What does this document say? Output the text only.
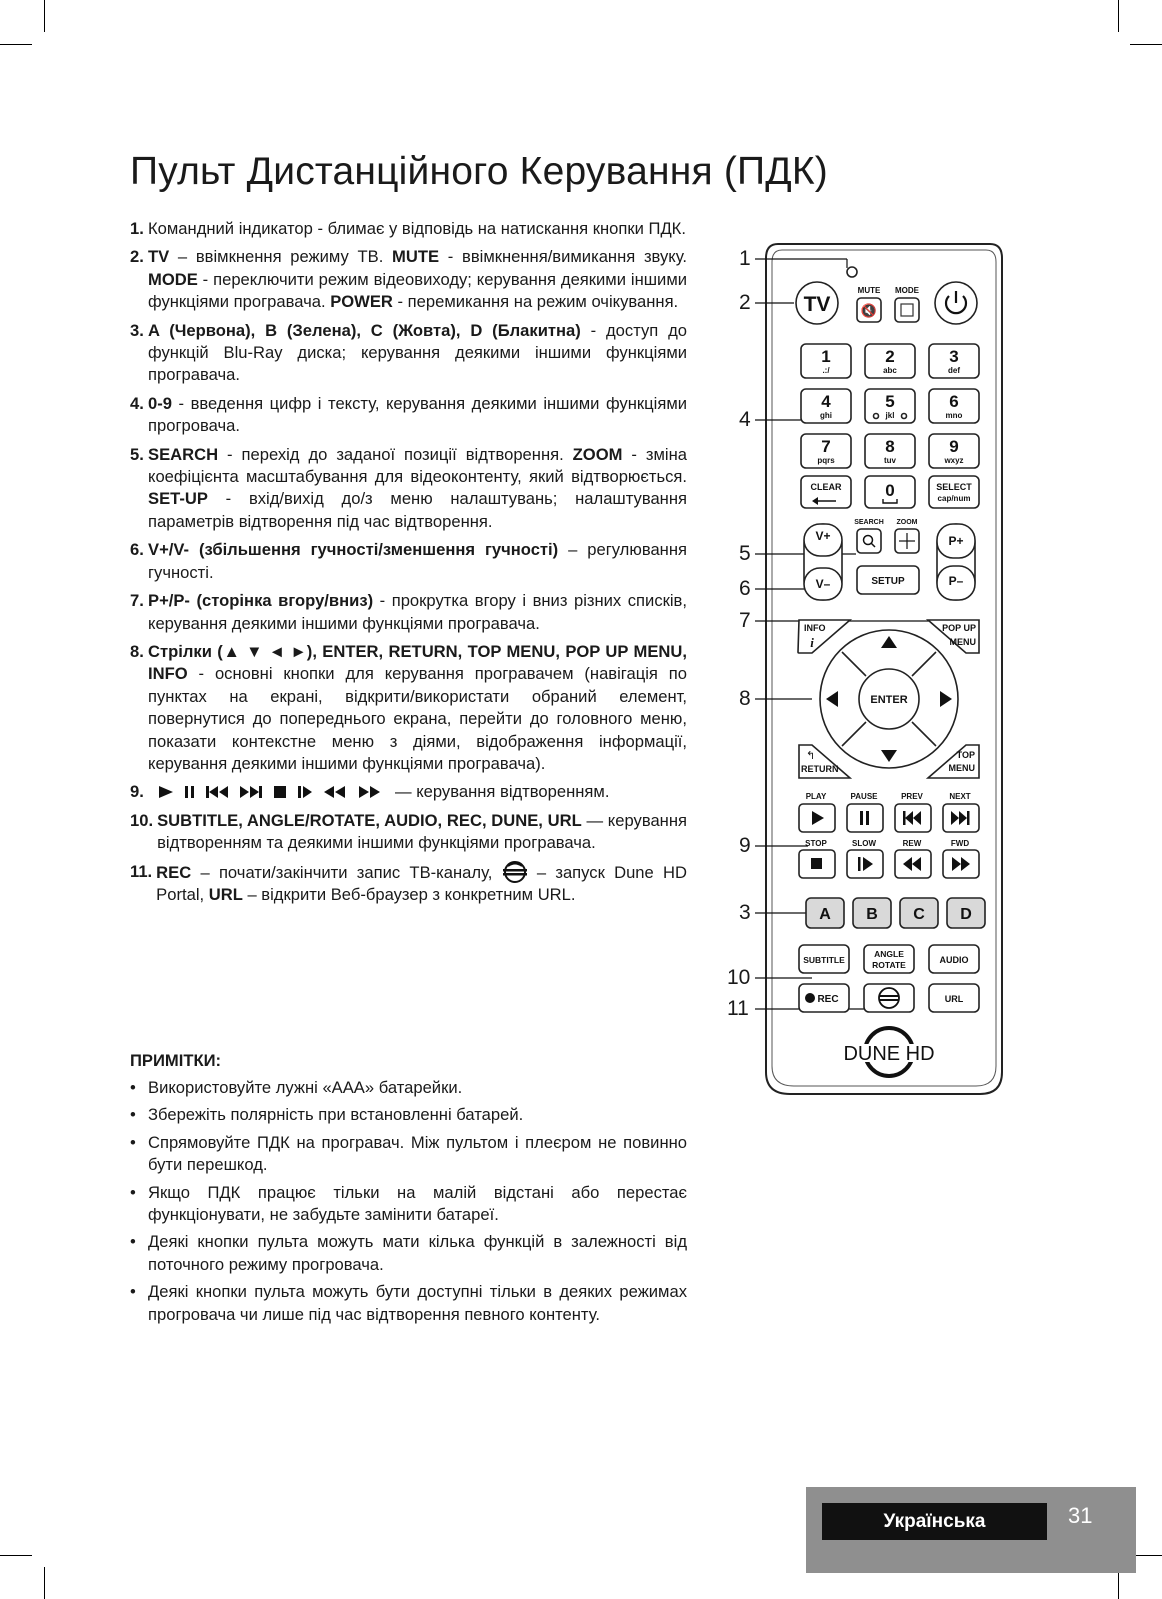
Пульт Дистанційного Керування (ПДК)
1. Командний індикатор - блимає у відповідь на натискання кнопки ПДК.
2. TV – ввімкнення режиму ТВ. MUTE - ввімкнення/вимикання звуку. MODE - переключити режим відеовиходу; керування деякими іншими функціями програвача. POWER - перемикання на режим очікування.
3. A (Червона), B (Зелена), C (Жовта), D (Блакитна) - доступ до функцій Blu-Ray диска; керування деякими іншими функціями програвача.
4. 0-9 - введення цифр і тексту, керування деякими іншими функціями прогровача.
5. SEARCH - перехід до заданої позиції відтворення. ZOOM - зміна коефіцієнта масштабування для відеоконтенту, який відтворюється. SET-UP - вхід/вихід до/з меню налаштувань; налаштування параметрів відтворення під час відтворення.
6. V+/V- (збільшення гучності/зменшення гучності) – регулювання гучності.
7. P+/P- (сторінка вгору/вниз) - прокрутка вгору і вниз різних списків, керування деякими іншими функціями програвача.
8. Стрілки (▲ ▼ ◄ ►), ENTER, RETURN, TOP MENU, POP UP MENU, INFO - основні кнопки для керування програвачем (навігація по пунктах на екрані, відкрити/використати обраний елемент, повернутися до попереднього екрана, перейти до головного меню, показати контекстне меню з діями, відображення інформації, керування деякими іншими функціями програвача).
9.	— керування відтворенням.
10. SUBTITLE, ANGLE/ROTATE, AUDIO, REC, DUNE, URL — керування відтворенням та деякими іншими функціями програвача.
11. REC – почати/закінчити запис ТВ-каналу,  – запуск Dune HD Portal, URL – відкрити Веб-браузер з конкретним URL.
ПРИМІТКИ:
• Використовуйте лужні «ААА» батарейки.
• Збережіть полярність при встановленні батарей.
• Спрямовуйте ПДК на програвач. Між пультом і плеєром не повинно бути перешкод.
• Якщо ПДК працює тільки на малій відстані або перестає функціонувати, не забудьте замінити батареї.
• Деякі кнопки пульта можуть мати кілька функцій в залежності від поточного режиму прогровача.
• Деякі кнопки пульта можуть бути доступні тільки в деяких режимах прогровача чи лише під час відтворення певного контенту.
TV
MUTE
🔇
MODE
1
.:/
2
abc
3
def
4
ghi
5
jkl
6
mno
7
pqrs
8
tuv
9
wxyz
CLEAR	0	SELECT
cap/num
V+
V–
SEARCH ZOOM
P+
P–
SETUP
INFO
i
POP UP
MENU
↰
RETURN
TOP
MENU
ENTER
PLAY	PAUSE	PREV	NEXT
STOP	SLOW	REW	FWD
A B C D
SUBTITLE
ANGLE
ROTATE	AUDIO
REC	URL
DUNE HD
1
2
4
5
6
7
8
9
3
10
11
Українська	31
